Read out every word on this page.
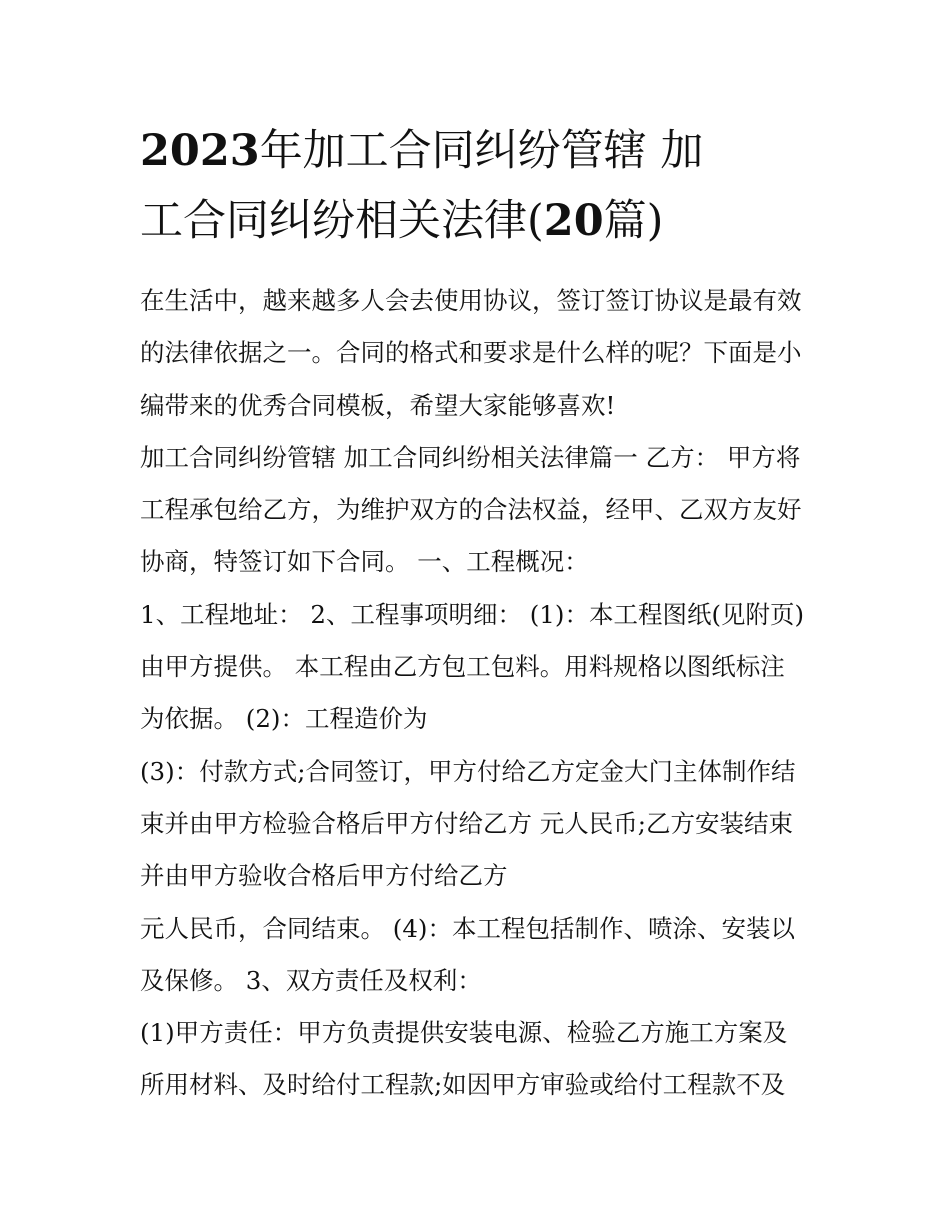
2023年加工合同纠纷管辖 加
工合同纠纷相关法律(20篇)
在生活中，越来越多人会去使用协议，签订签订协议是最有效
的法律依据之一。合同的格式和要求是什么样的呢？下面是小
编带来的优秀合同模板，希望大家能够喜欢!
加工合同纠纷管辖 加工合同纠纷相关法律篇一 乙方： 甲方将
工程承包给乙方，为维护双方的合法权益，经甲、乙双方友好
协商，特签订如下合同。 一、工程概况：
1、工程地址： 2、工程事项明细： (1)：本工程图纸(见附页)
由甲方提供。 本工程由乙方包工包料。用料规格以图纸标注
为依据。 (2)：工程造价为
(3)：付款方式;合同签订，甲方付给乙方定金大门主体制作结
束并由甲方检验合格后甲方付给乙方 元人民币;乙方安装结束
并由甲方验收合格后甲方付给乙方
元人民币，合同结束。 (4)：本工程包括制作、喷涂、安装以
及保修。 3、双方责任及权利：
(1)甲方责任：甲方负责提供安装电源、检验乙方施工方案及
所用材料、及时给付工程款;如因甲方审验或给付工程款不及
